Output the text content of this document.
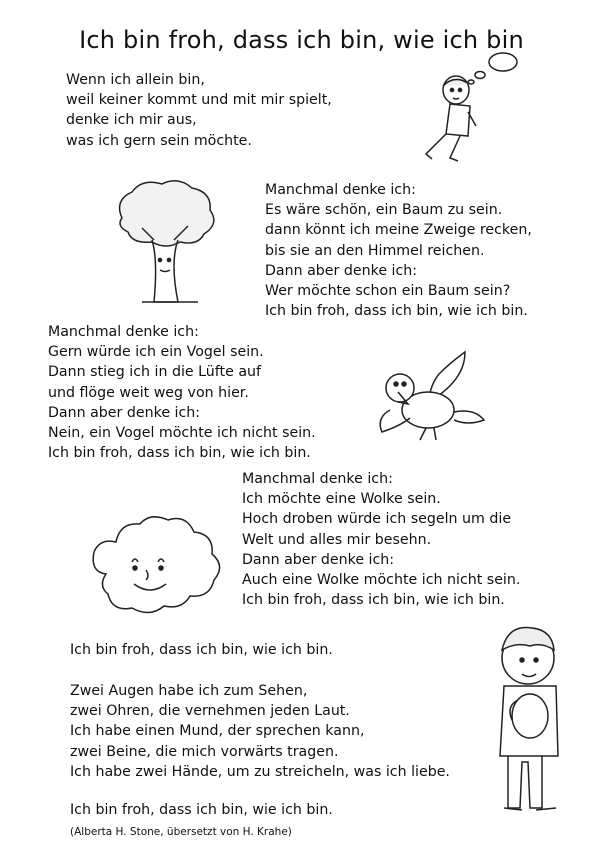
Ich bin froh, dass ich bin, wie ich bin
Wenn ich allein bin,
weil keiner kommt und mit mir spielt,
denke ich mir aus,
was ich gern sein möchte.
Manchmal denke ich:
Es wäre schön, ein Baum zu sein.
dann könnt ich meine Zweige recken,
bis sie an den Himmel reichen.
Dann aber denke ich:
Wer möchte schon ein Baum sein?
Ich bin froh, dass ich bin, wie ich bin.
Manchmal denke ich:
Gern würde ich ein Vogel sein.
Dann stieg ich in die Lüfte auf
und flöge weit weg von hier.
Dann aber denke ich:
Nein, ein Vogel möchte ich nicht sein.
Ich bin froh, dass ich bin, wie ich bin.
Manchmal denke ich:
Ich möchte eine Wolke sein.
Hoch droben würde ich segeln um die
Welt und alles mir besehn.
Dann aber denke ich:
Auch eine Wolke möchte ich nicht sein.
Ich bin froh, dass ich bin, wie ich bin.
Ich bin froh, dass ich bin, wie ich bin.
Zwei Augen habe ich zum Sehen,
zwei Ohren, die vernehmen jeden Laut.
Ich habe einen Mund, der sprechen kann,
zwei Beine, die mich vorwärts tragen.
Ich habe zwei Hände, um zu streicheln, was ich liebe.
Ich bin froh, dass ich bin, wie ich bin.
(Alberta H. Stone, übersetzt von H. Krahe)
